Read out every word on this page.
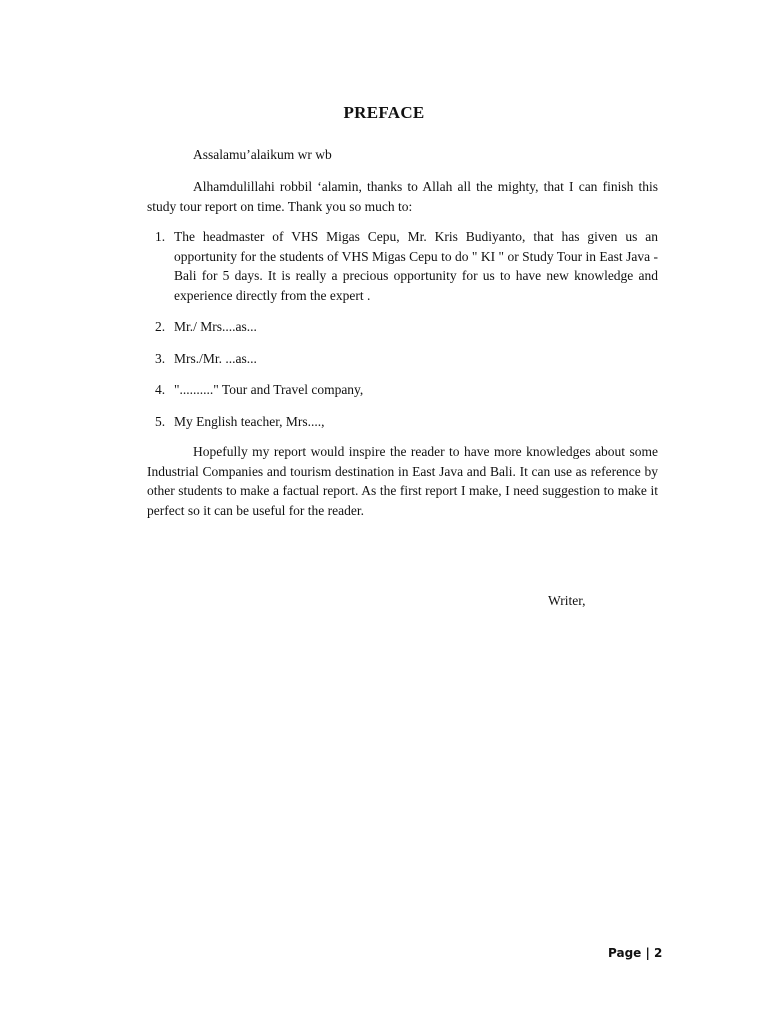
PREFACE
Assalamu’alaikum wr wb
Alhamdulillahi robbil ‘alamin, thanks to Allah all the mighty, that I can finish this study tour report on time. Thank you so much to:
1. The headmaster of VHS Migas Cepu, Mr. Kris Budiyanto, that has given us an opportunity for the students of VHS Migas Cepu to do " KI " or Study Tour in East Java - Bali for 5 days. It is really a precious opportunity for us to have new knowledge and experience directly from the expert .
2. Mr./ Mrs....as...
3. Mrs./Mr. ...as...
4. ".........." Tour and Travel company,
5. My English teacher, Mrs....,
Hopefully my report would inspire the reader to have more knowledges about some Industrial Companies and tourism destination in East Java and Bali. It can use as reference by other students to make a factual report. As the first report I make, I need suggestion to make it perfect so it can be useful for the reader.
Writer,
Page | 2
